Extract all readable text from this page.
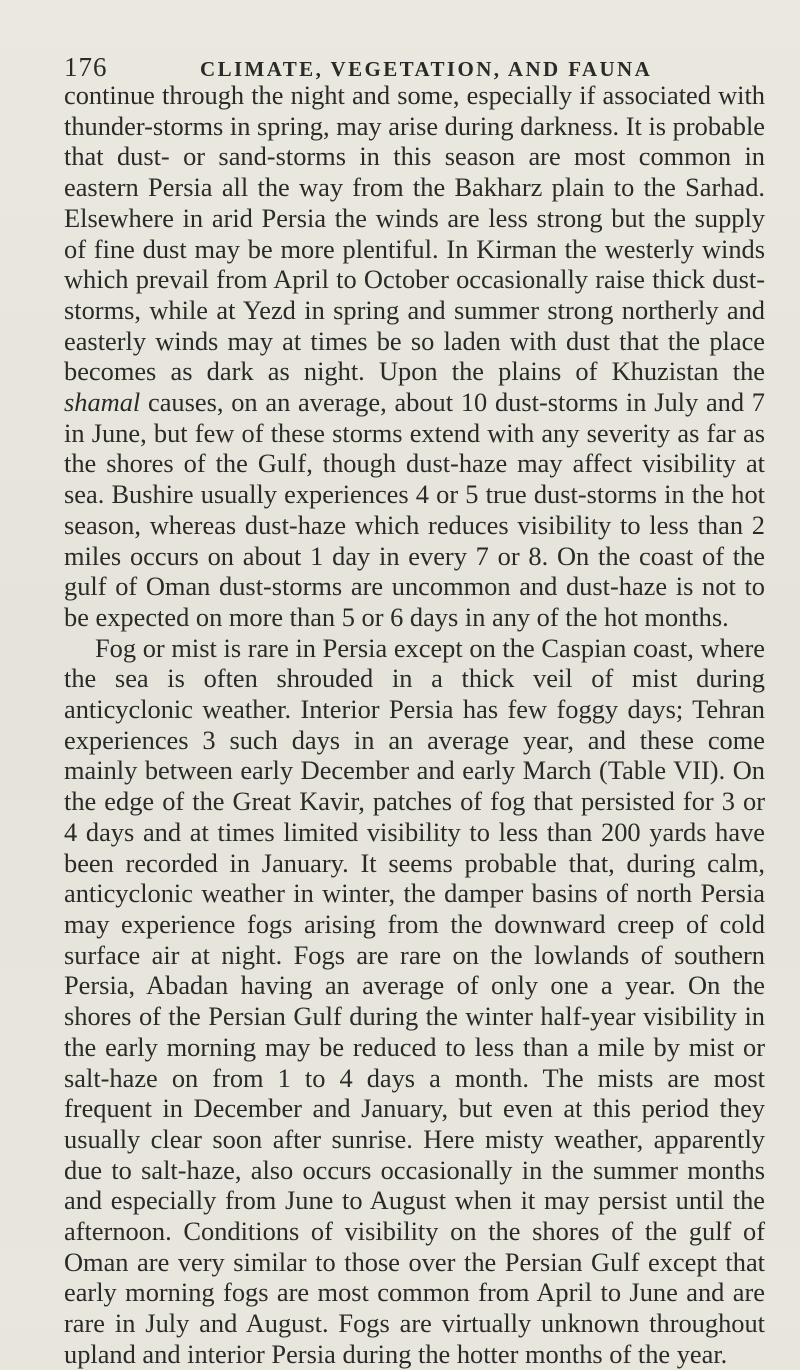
176	CLIMATE, VEGETATION, AND FAUNA

continue through the night and some, especially if associated with thunder-storms in spring, may arise during darkness. It is probable that dust- or sand-storms in this season are most common in eastern Persia all the way from the Bakharz plain to the Sarhad. Elsewhere in arid Persia the winds are less strong but the supply of fine dust may be more plentiful. In Kirman the westerly winds which prevail from April to October occasionally raise thick dust-storms, while at Yezd in spring and summer strong northerly and easterly winds may at times be so laden with dust that the place becomes as dark as night. Upon the plains of Khuzistan the shamal causes, on an average, about 10 dust-storms in July and 7 in June, but few of these storms extend with any severity as far as the shores of the Gulf, though dust-haze may affect visibility at sea. Bushire usually experiences 4 or 5 true dust-storms in the hot season, whereas dust-haze which reduces visibility to less than 2 miles occurs on about 1 day in every 7 or 8. On the coast of the gulf of Oman dust-storms are uncommon and dust-haze is not to be expected on more than 5 or 6 days in any of the hot months.

Fog or mist is rare in Persia except on the Caspian coast, where the sea is often shrouded in a thick veil of mist during anticyclonic weather. Interior Persia has few foggy days; Tehran experiences 3 such days in an average year, and these come mainly between early December and early March (Table VII). On the edge of the Great Kavir, patches of fog that persisted for 3 or 4 days and at times limited visibility to less than 200 yards have been recorded in January. It seems probable that, during calm, anticyclonic weather in winter, the damper basins of north Persia may experience fogs arising from the downward creep of cold surface air at night. Fogs are rare on the lowlands of southern Persia, Abadan having an average of only one a year. On the shores of the Persian Gulf during the winter half-year visibility in the early morning may be reduced to less than a mile by mist or salt-haze on from 1 to 4 days a month. The mists are most frequent in December and January, but even at this period they usually clear soon after sunrise. Here misty weather, apparently due to salt-haze, also occurs occasionally in the summer months and especially from June to August when it may persist until the afternoon. Conditions of visibility on the shores of the gulf of Oman are very similar to those over the Persian Gulf except that early morning fogs are most common from April to June and are rare in July and August. Fogs are virtually unknown throughout upland and interior Persia during the hotter months of the year.
